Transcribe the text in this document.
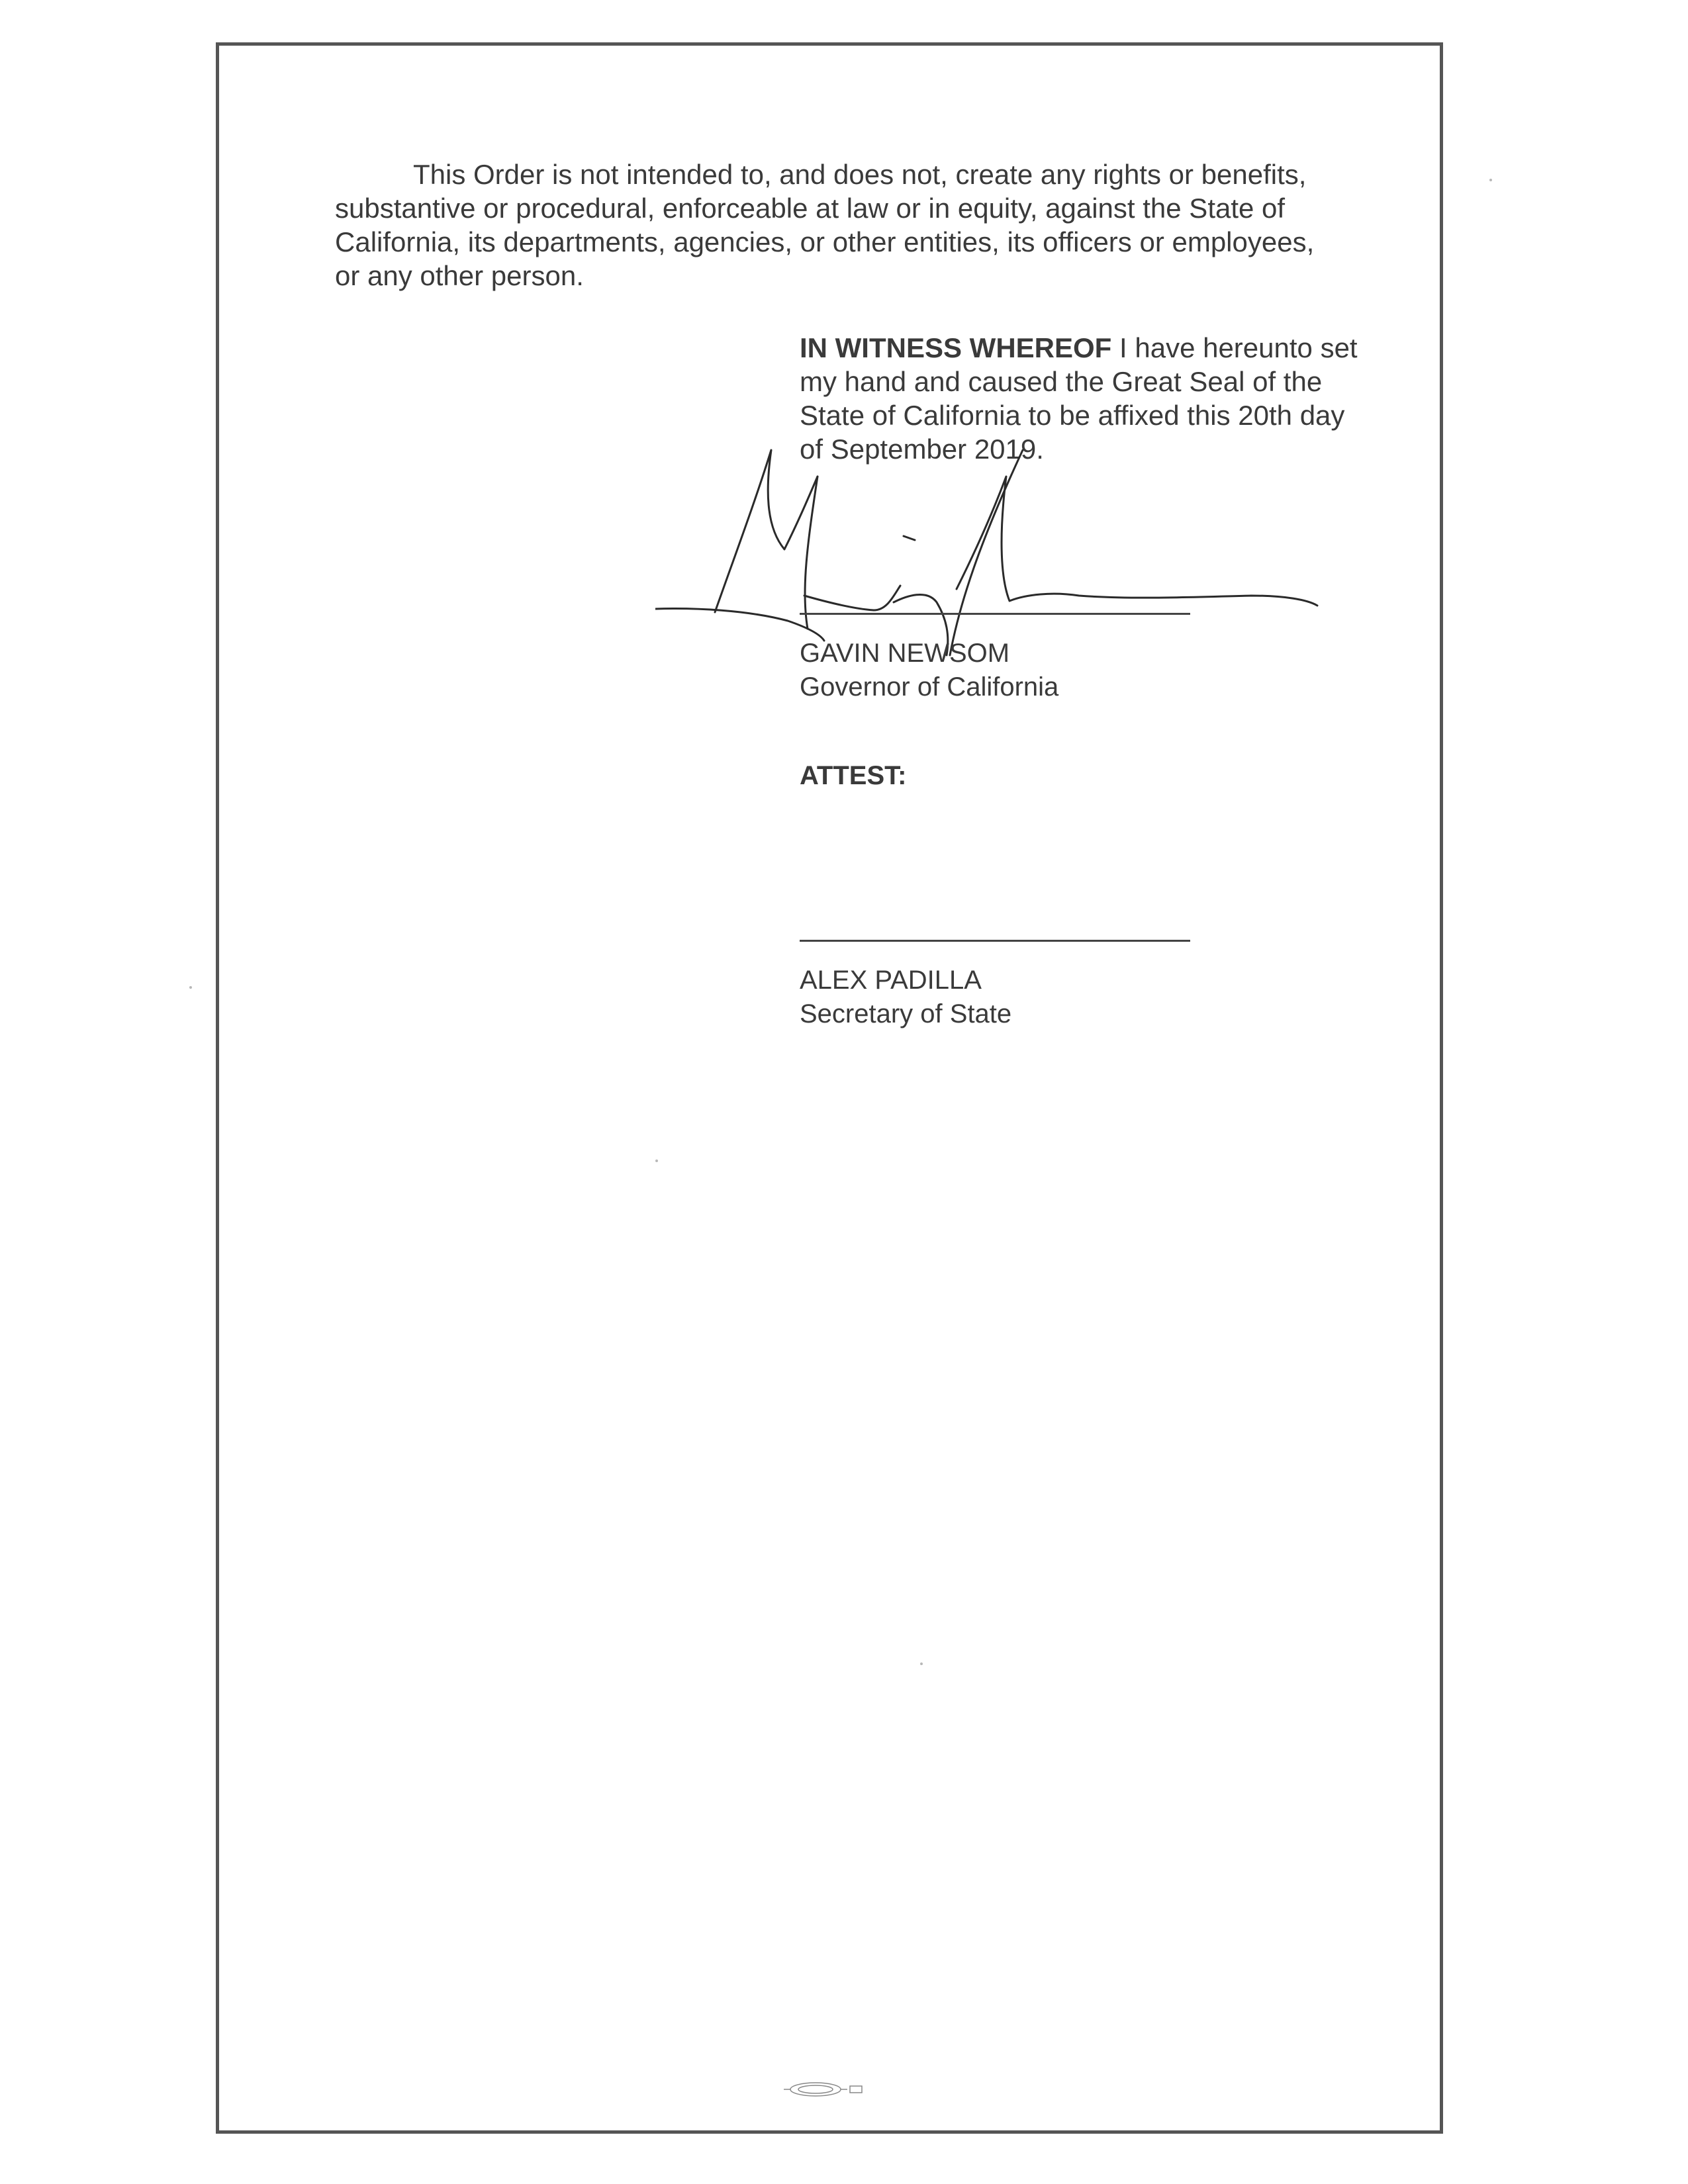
This Order is not intended to, and does not, create any rights or benefits, substantive or procedural, enforceable at law or in equity, against the State of California, its departments, agencies, or other entities, its officers or employees, or any other person.

IN WITNESS WHEREOF I have hereunto set my hand and caused the Great Seal of the State of California to be affixed this 20th day of September 2019.

GAVIN NEWSOM
Governor of California
ATTEST:
ALEX PADILLA
Secretary of State
